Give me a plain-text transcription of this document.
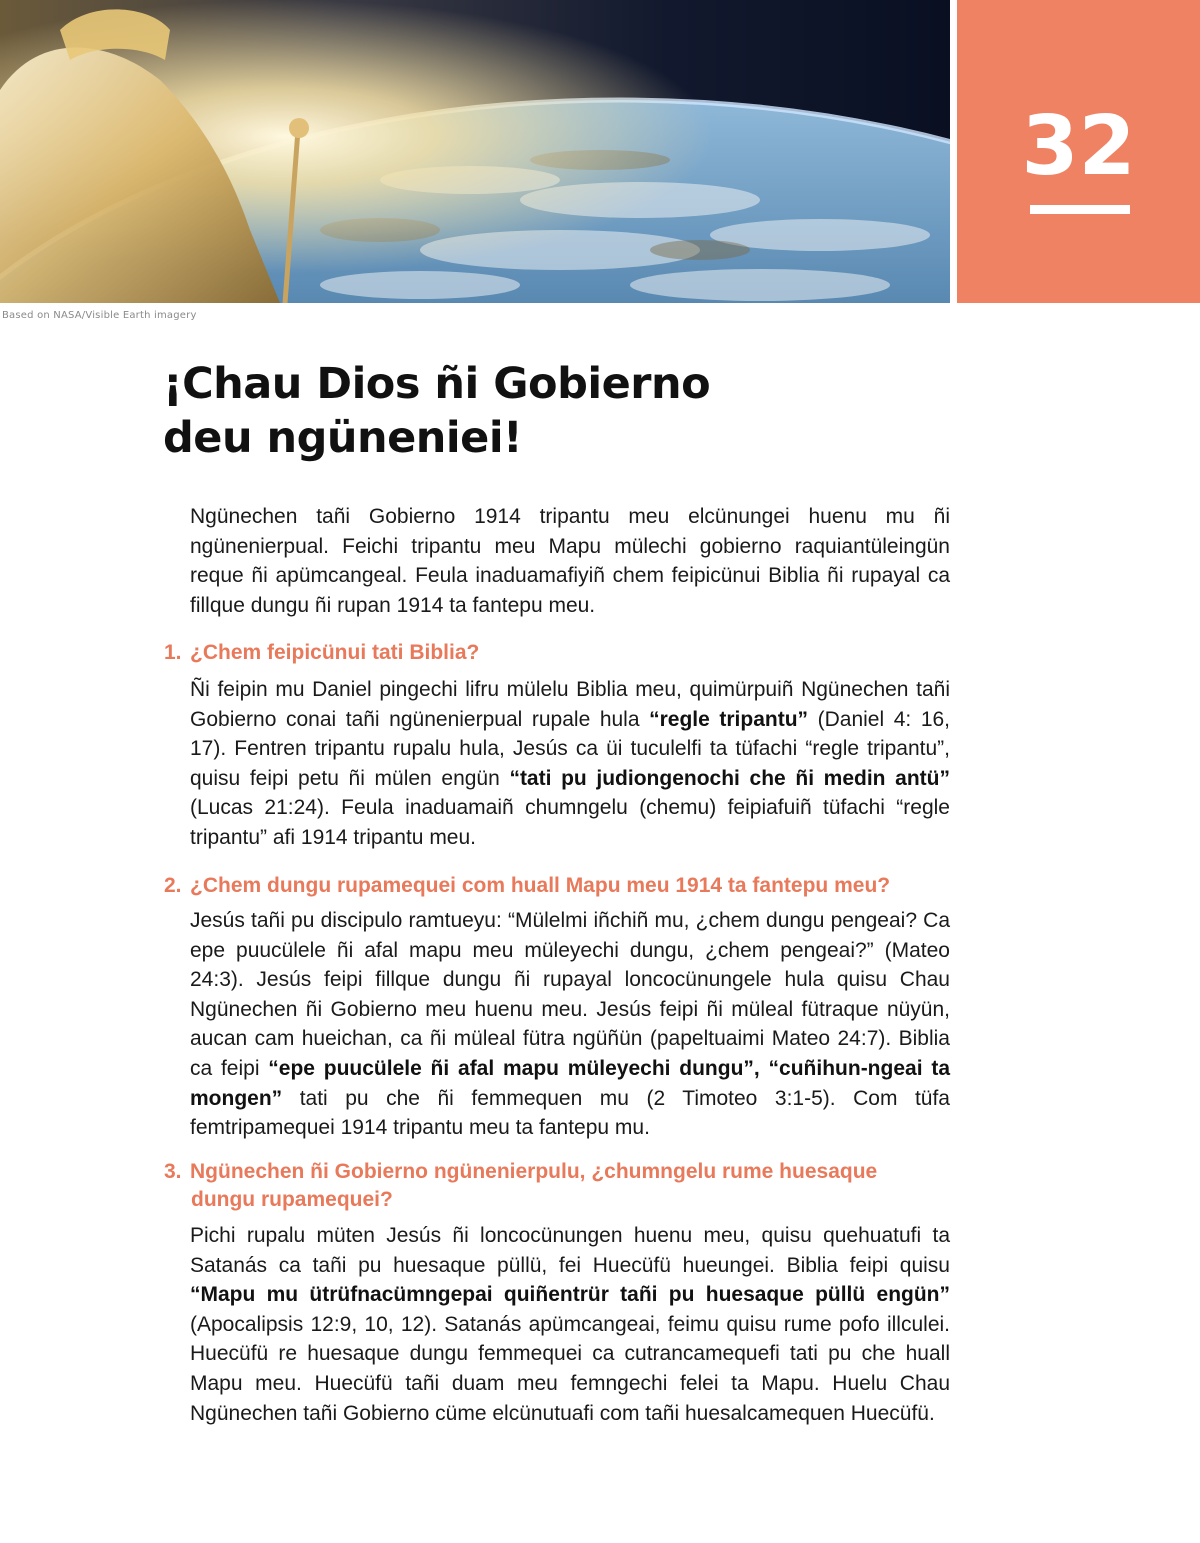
32
Based on NASA/Visible Earth imagery
¡Chau Dios ñi Gobierno
deu ngüneniei!

Ngünechen tañi Gobierno 1914 tripantu meu elcünungei huenu mu ñi ngünenierpual. Feichi tripantu meu Mapu mülechi gobierno raquiantüleingün reque ñi apümcangeal. Feula inaduamafiyiñ chem feipicünui Biblia ñi rupayal ca fillque dungu ñi rupan 1914 ta fantepu meu.

1. ¿Chem feipicünui tati Biblia?

Ñi feipin mu Daniel pingechi lifru mülelu Biblia meu, quimürpuiñ Ngünechen tañi Gobierno conai tañi ngünenierpual rupale hula “regle tripantu” (Daniel 4: 16, 17). Fentren tripantu rupalu hula, Jesús ca üi tuculelfi ta tüfachi “regle tripantu”, quisu feipi petu ñi mülen engün “tati pu judiongenochi che ñi medin antü” (Lucas 21:24). Feula inaduamaiñ chumngelu (chemu) feipiafuiñ tüfachi “regle tripantu” afi 1914 tripantu meu.

2. ¿Chem dungu rupamequei com huall Mapu meu 1914 ta fantepu meu?

Jesús tañi pu discipulo ramtueyu: “Mülelmi iñchiñ mu, ¿chem dungu pengeai? Ca epe puucülele ñi afal mapu meu müleyechi dungu, ¿chem pengeai?” (Mateo 24:3). Jesús feipi fillque dungu ñi rupayal loncocünungele hula quisu Chau Ngünechen ñi Gobierno meu huenu meu. Jesús feipi ñi müleal fütraque nüyün, aucan cam hueichan, ca ñi müleal fütra ngüñün (papeltuaimi Mateo 24:7). Biblia ca feipi “epe puucülele ñi afal mapu müleyechi dungu”, “cuñihun-ngeai ta mongen” tati pu che ñi femmequen mu (2 Timoteo 3:1-5). Com tüfa femtripamequei 1914 tripantu meu ta fantepu mu.

3. Ngünechen ñi Gobierno ngünenierpulu, ¿chumngelu rume huesaque
dungu rupamequei?

Pichi rupalu müten Jesús ñi loncocünungen huenu meu, quisu quehuatufi ta Satanás ca tañi pu huesaque püllü, fei Huecüfü hueungei. Biblia feipi quisu “Mapu mu ütrüfnacümngepai quiñentrür tañi pu huesaque püllü engün” (Apocalipsis 12:9, 10, 12). Satanás apümcangeai, feimu quisu rume pofo illculei. Huecüfü re huesaque dungu femmequei ca cutrancamequefi tati pu che huall Mapu meu. Huecüfü tañi duam meu femngechi felei ta Mapu. Huelu Chau Ngünechen tañi Gobierno cüme elcünutuafi com tañi huesalcamequen Huecüfü.
